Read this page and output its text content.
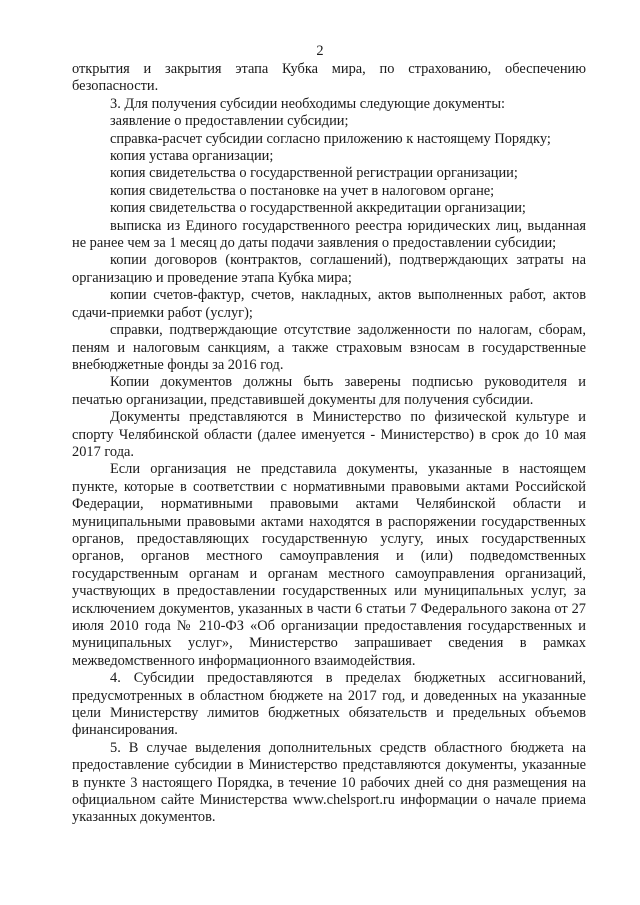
2

открытия и закрытия этапа Кубка мира, по страхованию, обеспечению безопасности.

3. Для получения субсидии необходимы следующие документы:

заявление о предоставлении субсидии;

справка-расчет субсидии согласно приложению к настоящему Порядку;

копия устава организации;

копия свидетельства о государственной регистрации организации;

копия свидетельства о постановке на учет в налоговом органе;

копия свидетельства о государственной аккредитации организации;

выписка из Единого государственного реестра юридических лиц, выданная не ранее чем за 1 месяц до даты подачи заявления о предоставлении субсидии;

копии договоров (контрактов, соглашений), подтверждающих затраты на организацию и проведение этапа Кубка мира;

копии счетов-фактур, счетов, накладных, актов выполненных работ, актов сдачи-приемки работ (услуг);

справки, подтверждающие отсутствие задолженности по налогам, сборам, пеням и налоговым санкциям, а также страховым взносам в государственные внебюджетные фонды за 2016 год.

Копии документов должны быть заверены подписью руководителя и печатью организации, представившей документы для получения субсидии.

Документы представляются в Министерство по физической культуре и спорту Челябинской области (далее именуется - Министерство) в срок до 10 мая 2017 года.

Если организация не представила документы, указанные в настоящем пункте, которые в соответствии с нормативными правовыми актами Российской Федерации, нормативными правовыми актами Челябинской области и муниципальными правовыми актами находятся в распоряжении государственных органов, предоставляющих государственную услугу, иных государственных органов, органов местного самоуправления и (или) подведомственных государственным органам и органам местного самоуправления организаций, участвующих в предоставлении государственных или муниципальных услуг, за исключением документов, указанных в части 6 статьи 7 Федерального закона от 27 июля 2010 года № 210-ФЗ «Об организации предоставления государственных и муниципальных услуг», Министерство запрашивает сведения в рамках межведомственного информационного взаимодействия.

4. Субсидии предоставляются в пределах бюджетных ассигнований, предусмотренных в областном бюджете на 2017 год, и доведенных на указанные цели Министерству лимитов бюджетных обязательств и предельных объемов финансирования.

5. В случае выделения дополнительных средств областного бюджета на предоставление субсидии в Министерство представляются документы, указанные в пункте 3 настоящего Порядка, в течение 10 рабочих дней со дня размещения на официальном сайте Министерства www.chelsport.ru информации о начале приема указанных документов.
